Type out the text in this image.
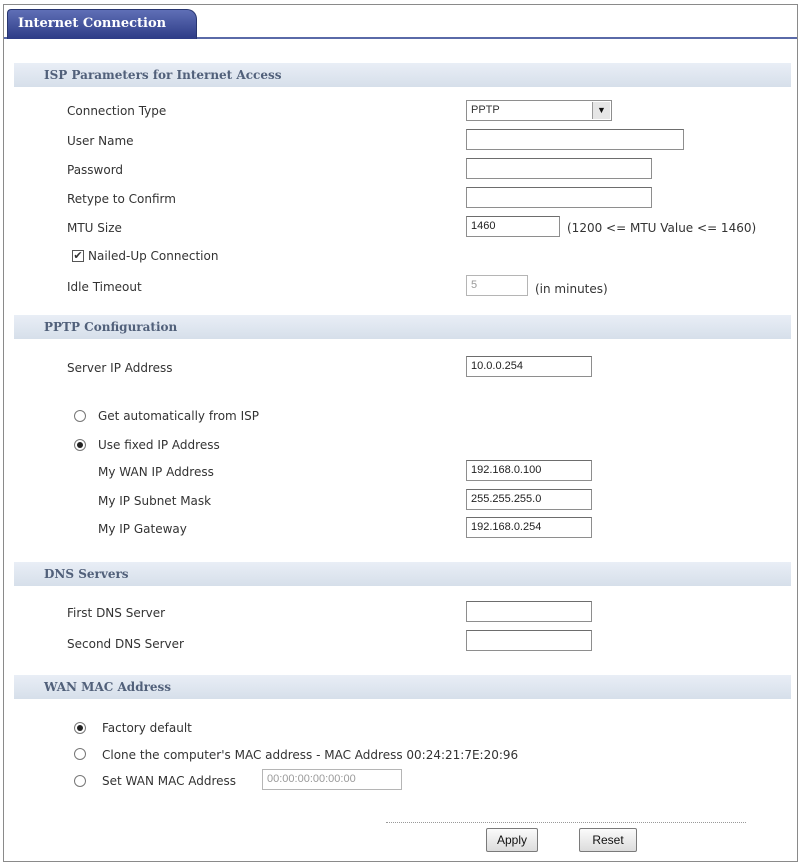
Internet Connection
ISP Parameters for Internet Access
Connection Type	PPTP	▼
User Name
Password
Retype to Confirm
MTU Size	1460	(1200 <= MTU Value <= 1460)
✔ Nailed-Up Connection
Idle Timeout	5	(in minutes)
PPTP Configuration
Server IP Address	10.0.0.254
Get automatically from ISP
Use fixed IP Address
My WAN IP Address	192.168.0.100
My IP Subnet Mask	255.255.255.0
My IP Gateway	192.168.0.254
DNS Servers
First DNS Server
Second DNS Server
WAN MAC Address
Factory default
Clone the computer's MAC address - MAC Address 00:24:21:7E:20:96
Set WAN MAC Address	00:00:00:00:00:00
Apply	Reset
